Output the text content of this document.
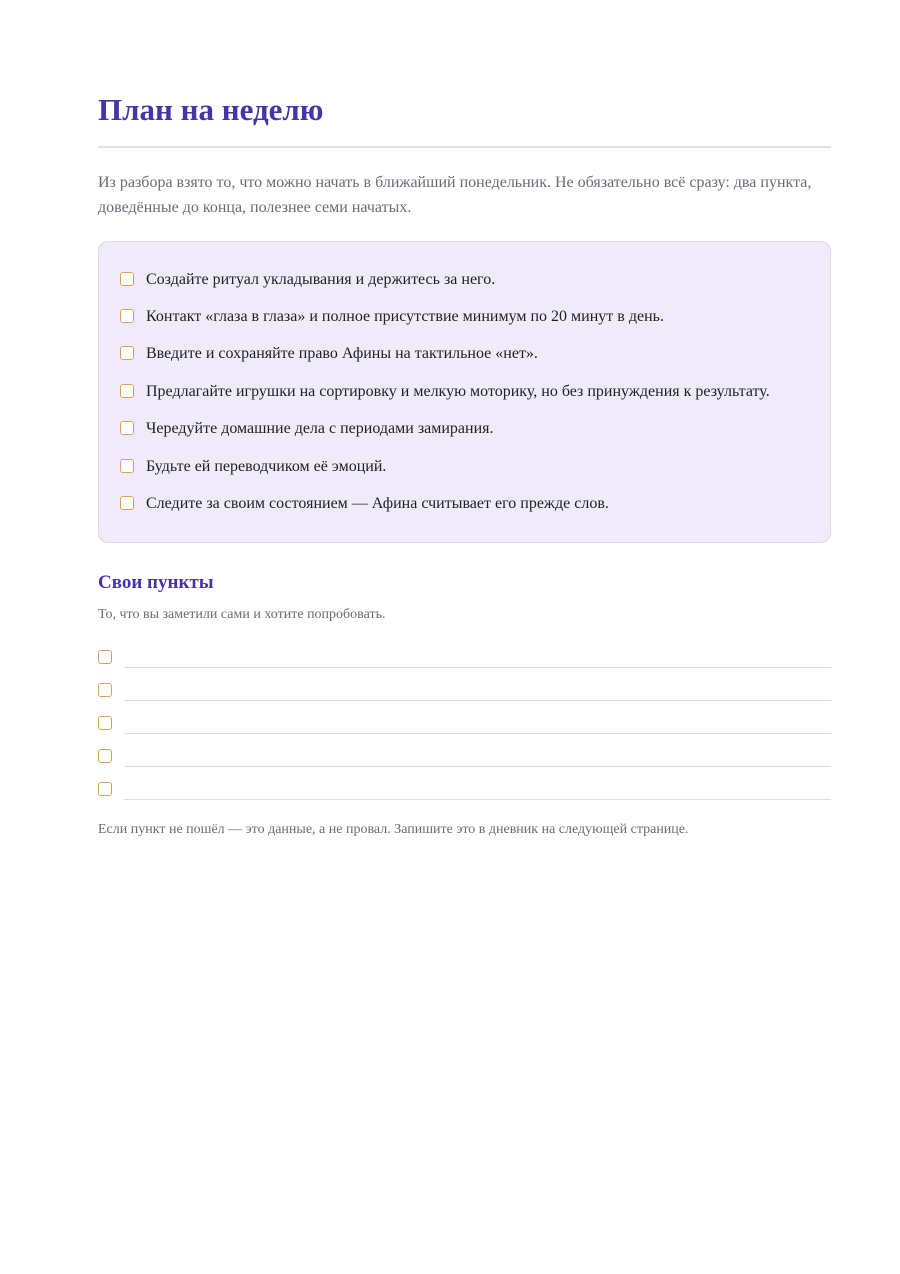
План на неделю

Из разбора взято то, что можно начать в ближайший понедельник. Не обязательно всё сразу: два пункта, доведённые до конца, полезнее семи начатых.

Создайте ритуал укладывания и держитесь за него.
Контакт «глаза в глаза» и полное присутствие минимум по 20 минут в день.
Введите и сохраняйте право Афины на тактильное «нет».
Предлагайте игрушки на сортировку и мелкую моторику, но без принуждения к результату.
Чередуйте домашние дела с периодами замирания.
Будьте ей переводчиком её эмоций.
Следите за своим состоянием — Афина считывает его прежде слов.
Свои пункты

То, что вы заметили сами и хотите попробовать.

Если пункт не пошёл — это данные, а не провал. Запишите это в дневник на следующей странице.
